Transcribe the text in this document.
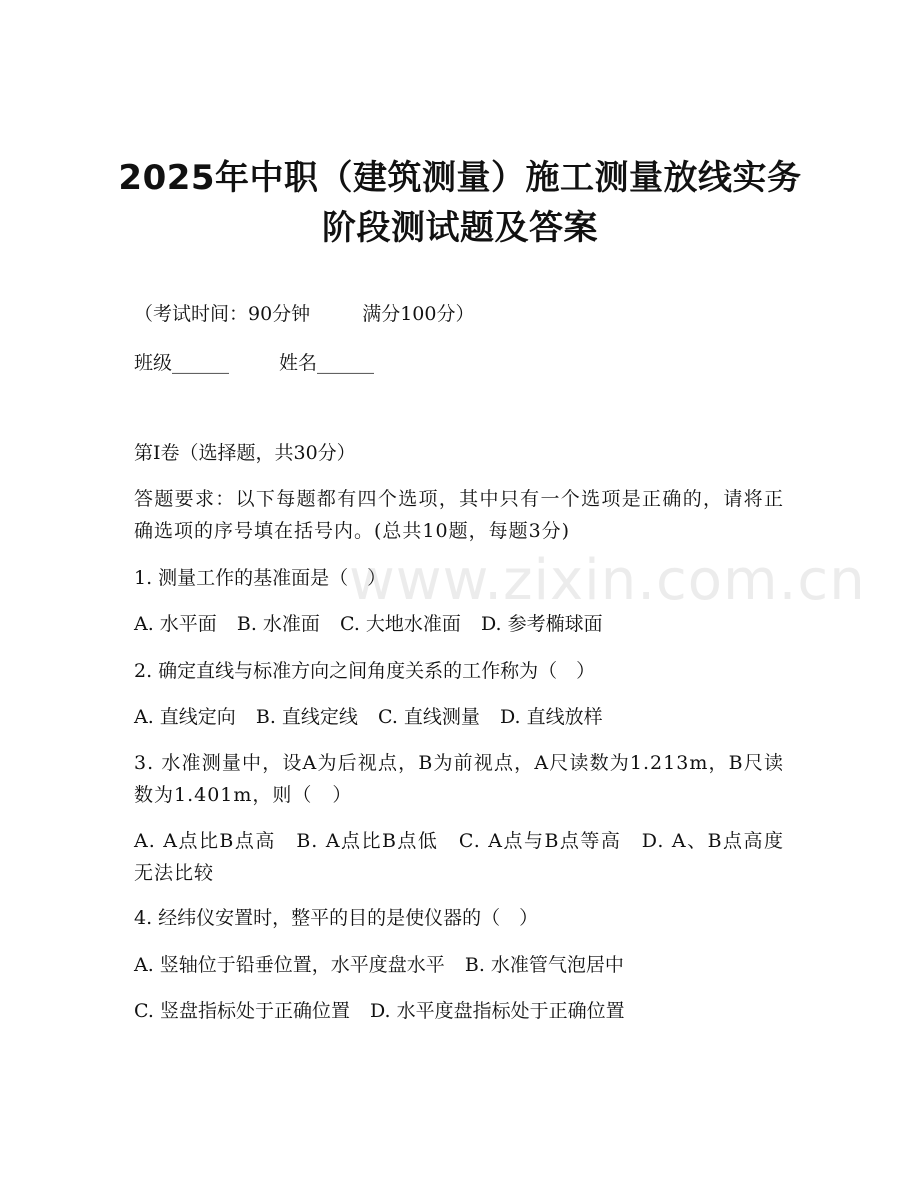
2025年中职（建筑测量）施工测量放线实务
阶段测试题及答案
（考试时间：90分钟	满分100分）
班级______	姓名______
第I卷（选择题，共30分）
答题要求：以下每题都有四个选项，其中只有一个选项是正确的，请将正确选项的序号填在括号内。(总共10题，每题3分)
1. 测量工作的基准面是（　）
A. 水平面 B. 水准面 C. 大地水准面 D. 参考椭球面
2. 确定直线与标准方向之间角度关系的工作称为（　）
A. 直线定向 B. 直线定线 C. 直线测量 D. 直线放样
3. 水准测量中，设A为后视点，B为前视点，A尺读数为1.213m，B尺读数为1.401m，则（　）
A. A点比B点高　B. A点比B点低　C. A点与B点等高　D. A、B点高度无法比较
4. 经纬仪安置时，整平的目的是使仪器的（　）
A. 竖轴位于铅垂位置，水平度盘水平 B. 水准管气泡居中
C. 竖盘指标处于正确位置 D. 水平度盘指标处于正确位置
www.zixin.com.cn
